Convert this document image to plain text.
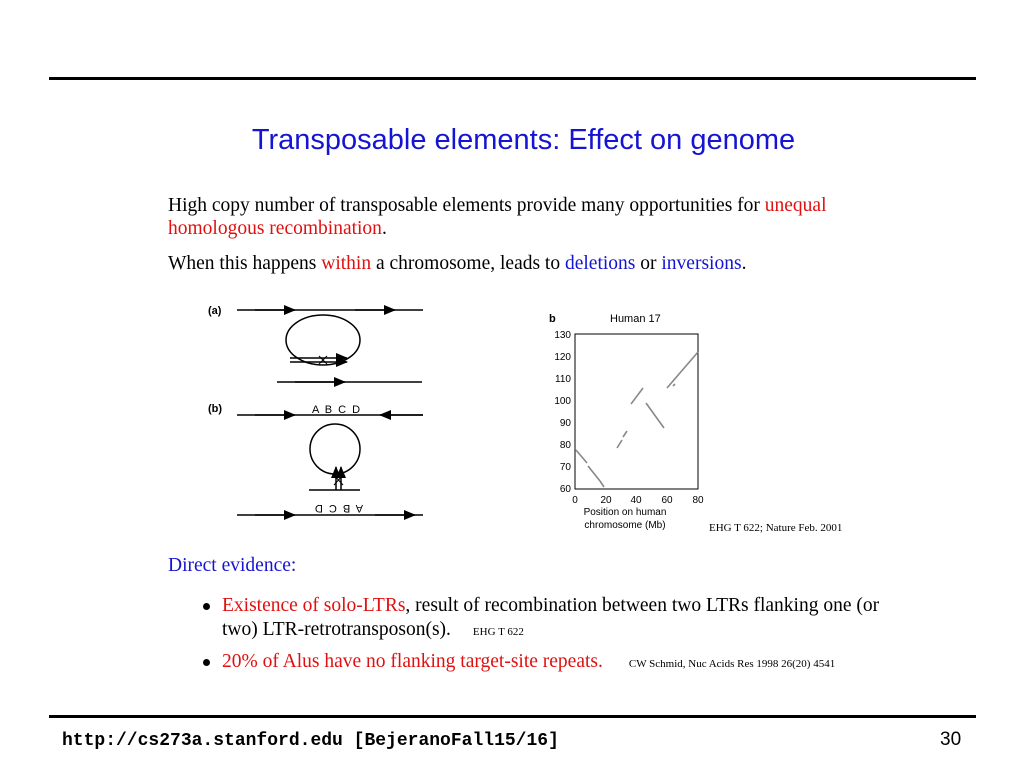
Transposable elements: Effect on genome
High copy number of transposable elements provide many opportunities for unequal homologous recombination.
When this happens within a chromosome, leads to deletions or inversions.
(a)
(b)	A B C D
A B C D
b	Human 17
130
120
110
100
90
80
70
60
0 20 40 60 80
Position on human
chromosome (Mb)	EHG T 622; Nature Feb. 2001
Direct evidence:
Existence of solo-LTRs, result of recombination between two LTRs flanking one (or two) LTR-retrotransposon(s). EHG T 622
20% of Alus have no flanking target-site repeats. CW Schmid, Nuc Acids Res 1998 26(20) 4541
http://cs273a.stanford.edu [BejeranoFall15/16]	30
